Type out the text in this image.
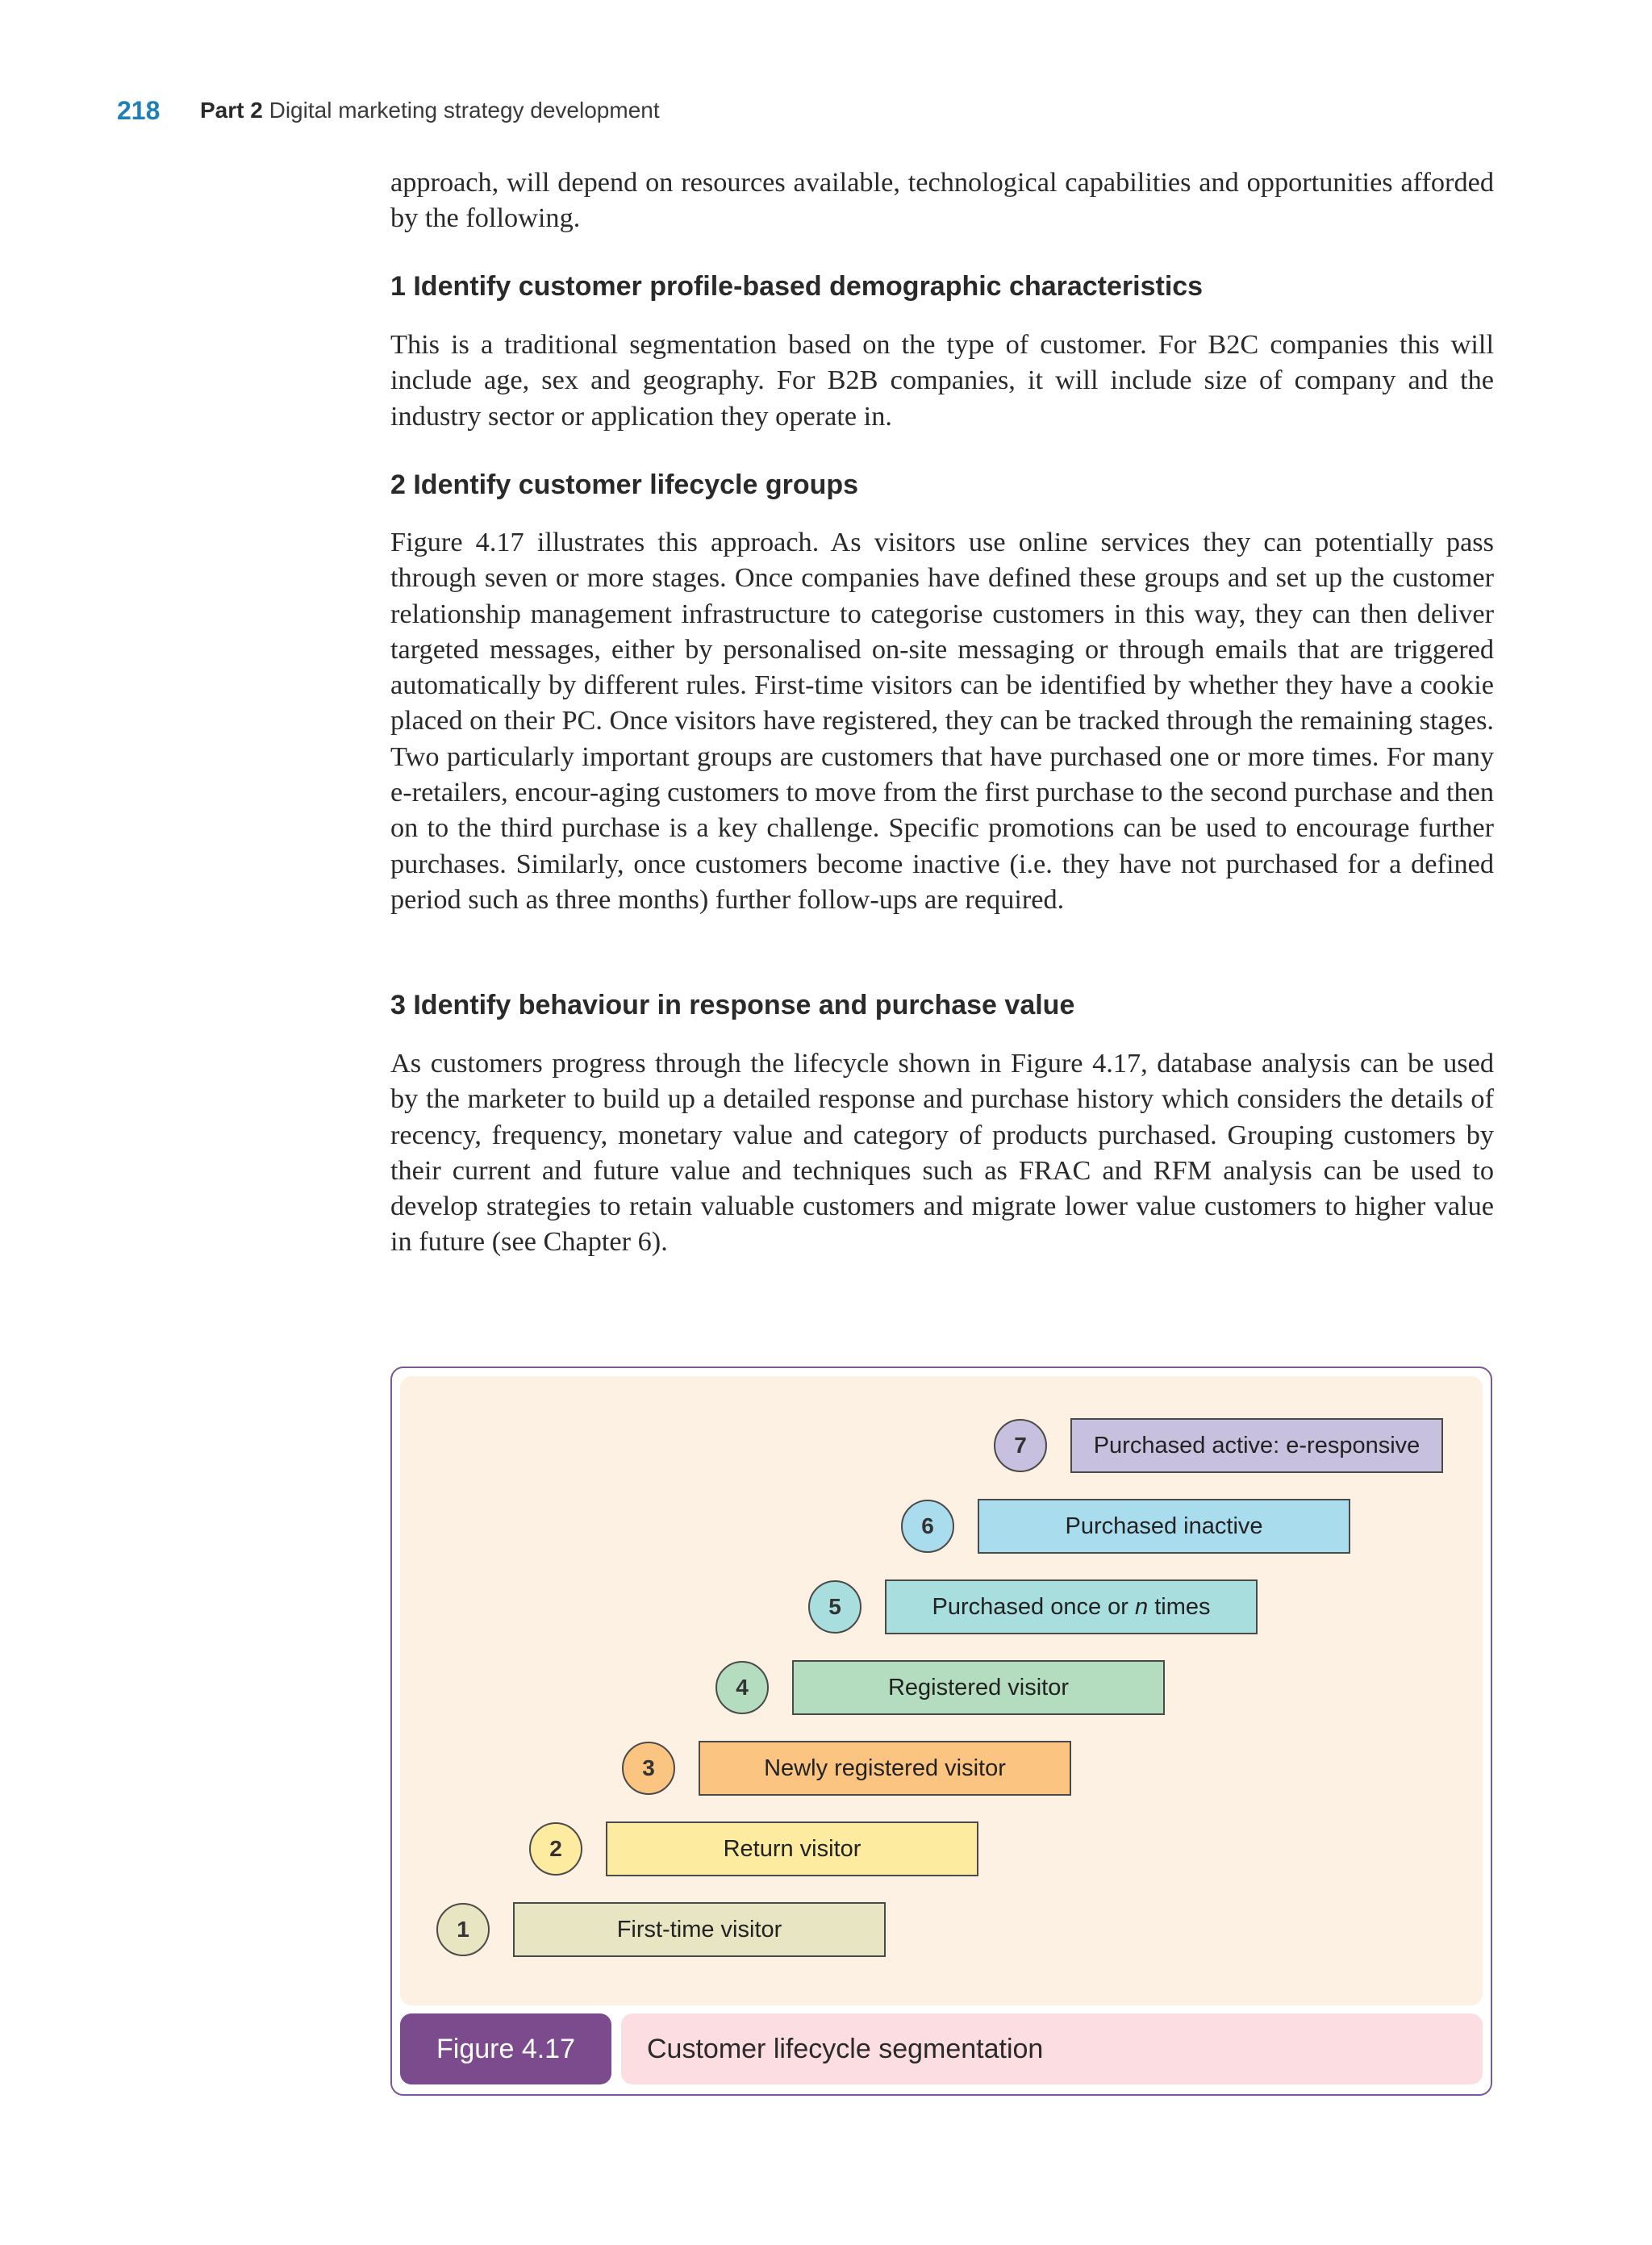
218 Part 2 Digital marketing strategy development

approach, will depend on resources available, technological capabilities and opportunities afforded by the following.

1 Identify customer profile-based demographic characteristics

This is a traditional segmentation based on the type of customer. For B2C companies this will include age, sex and geography. For B2B companies, it will include size of company and the industry sector or application they operate in.

2 Identify customer lifecycle groups

Figure 4.17 illustrates this approach. As visitors use online services they can potentially pass through seven or more stages. Once companies have defined these groups and set up the customer relationship management infrastructure to categorise customers in this way, they can then deliver targeted messages, either by personalised on-site messaging or through emails that are triggered automatically by different rules. First-time visitors can be identified by whether they have a cookie placed on their PC. Once visitors have registered, they can be tracked through the remaining stages. Two particularly important groups are customers that have purchased one or more times. For many e-retailers, encour-aging customers to move from the first purchase to the second purchase and then on to the third purchase is a key challenge. Specific promotions can be used to encourage further purchases. Similarly, once customers become inactive (i.e. they have not purchased for a defined period such as three months) further follow-ups are required.

3 Identify behaviour in response and purchase value

As customers progress through the lifecycle shown in Figure 4.17, database analysis can be used by the marketer to build up a detailed response and purchase history which considers the details of recency, frequency, monetary value and category of products purchased. Grouping customers by their current and future value and techniques such as FRAC and RFM analysis can be used to develop strategies to retain valuable customers and migrate lower value customers to higher value in future (see Chapter 6).

1	First-time visitor
2	Return visitor
3	Newly registered visitor
4	Registered visitor
5	Purchased once or n times
6	Purchased inactive
7	Purchased active: e-responsive
Figure 4.17	Customer lifecycle segmentation
